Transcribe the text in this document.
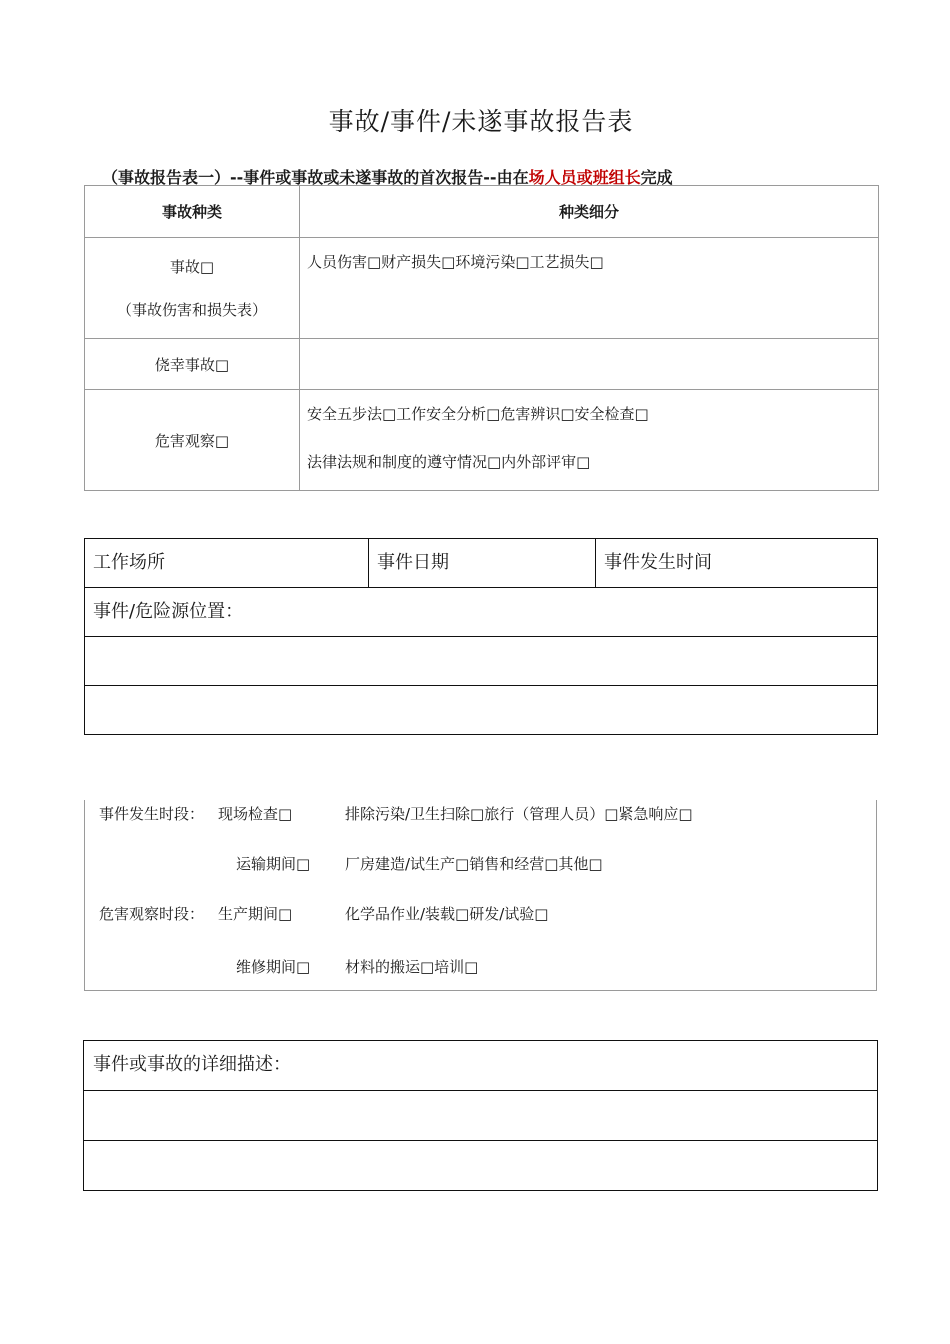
事故/事件/未遂事故报告表
（事故报告表一）--事件或事故或未遂事故的首次报告--由在场人员或班组长完成
事故种类	种类细分

事故□
（事故伤害和损失表）	人员伤害□财产损失□环境污染□工艺损失□
侥幸事故□	
危害观察□	安全五步法□工作安全分析□危害辨识□安全检查□
法律法规和制度的遵守情况□内外部评审□
工作场所	事件日期	事件发生时间
事件/危险源位置：

事件发生时段： 现场检查□	排除污染/卫生扫除□旅行（管理人员）□紧急响应□
运输期间□ 厂房建造/试生产□销售和经营□其他□
危害观察时段： 生产期间□	化学品作业/装载□研发/试验□
维修期间□ 材料的搬运□培训□
事件或事故的详细描述：
